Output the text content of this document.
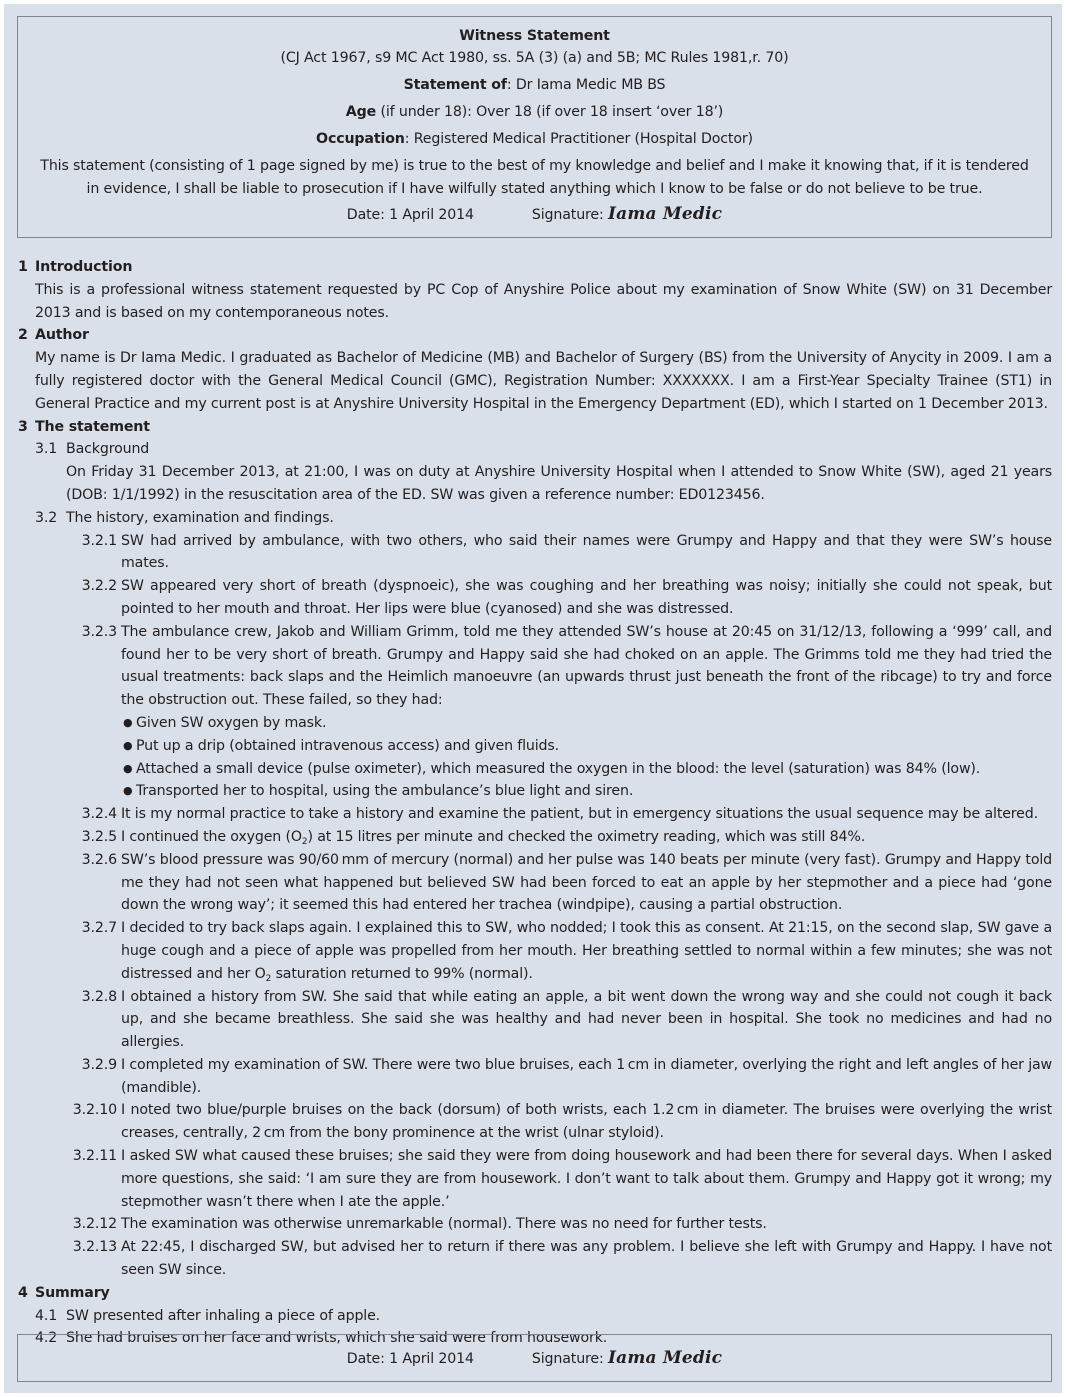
Witness Statement
(CJ Act 1967, s9 MC Act 1980, ss. 5A (3) (a) and 5B; MC Rules 1981,r. 70)
Statement of: Dr Iama Medic MB BS
Age (if under 18): Over 18 (if over 18 insert ‘over 18’)
Occupation: Registered Medical Practitioner (Hospital Doctor)
This statement (consisting of 1 page signed by me) is true to the best of my knowledge and belief and I make it knowing that, if it is tendered in evidence, I shall be liable to prosecution if I have wilfully stated anything which I know to be false or do not believe to be true.
Date: 1 April 2014	Signature: Iama Medic
1 Introduction
This is a professional witness statement requested by PC Cop of Anyshire Police about my examination of Snow White (SW) on 31 December 2013 and is based on my contemporaneous notes.
2 Author
My name is Dr Iama Medic. I graduated as Bachelor of Medicine (MB) and Bachelor of Surgery (BS) from the University of Anycity in 2009. I am a fully registered doctor with the General Medical Council (GMC), Registration Number: XXXXXXX. I am a First-Year Specialty Trainee (ST1) in General Practice and my current post is at Anyshire University Hospital in the Emergency Department (ED), which I started on 1 December 2013.
3 The statement
3.1 Background
On Friday 31 December 2013, at 21:00, I was on duty at Anyshire University Hospital when I attended to Snow White (SW), aged 21 years (DOB: 1/1/1992) in the resuscitation area of the ED. SW was given a reference number: ED0123456.
3.2 The history, examination and findings.
3.2.1 SW had arrived by ambulance, with two others, who said their names were Grumpy and Happy and that they were SW’s house mates.
3.2.2 SW appeared very short of breath (dyspnoeic), she was coughing and her breathing was noisy; initially she could not speak, but pointed to her mouth and throat. Her lips were blue (cyanosed) and she was distressed.
3.2.3 The ambulance crew, Jakob and William Grimm, told me they attended SW’s house at 20:45 on 31/12/13, following a ‘999’ call, and found her to be very short of breath. Grumpy and Happy said she had choked on an apple. The Grimms told me they had tried the usual treatments: back slaps and the Heimlich manoeuvre (an upwards thrust just beneath the front of the ribcage) to try and force the obstruction out. These failed, so they had:
● Given SW oxygen by mask.
● Put up a drip (obtained intravenous access) and given fluids.
● Attached a small device (pulse oximeter), which measured the oxygen in the blood: the level (saturation) was 84% (low).
● Transported her to hospital, using the ambulance’s blue light and siren.
3.2.4 It is my normal practice to take a history and examine the patient, but in emergency situations the usual sequence may be altered.
3.2.5 I continued the oxygen $(O_2)$ at 15 litres per minute and checked the oximetry reading, which was still 84%.
3.2.6 SW’s blood pressure was 90/60 mm of mercury (normal) and her pulse was 140 beats per minute (very fast). Grumpy and Happy told me they had not seen what happened but believed SW had been forced to eat an apple by her stepmother and a piece had ‘gone down the wrong way’; it seemed this had entered her trachea (windpipe), causing a partial obstruction.
3.2.7 I decided to try back slaps again. I explained this to SW, who nodded; I took this as consent. At 21:15, on the second slap, SW gave a huge cough and a piece of apple was propelled from her mouth. Her breathing settled to normal within a few minutes; she was not distressed and her $O_2$ saturation returned to 99% (normal).
3.2.8 I obtained a history from SW. She said that while eating an apple, a bit went down the wrong way and she could not cough it back up, and she became breathless. She said she was healthy and had never been in hospital. She took no medicines and had no allergies.
3.2.9 I completed my examination of SW. There were two blue bruises, each 1 cm in diameter, overlying the right and left angles of her jaw (mandible).
3.2.10 I noted two blue/purple bruises on the back (dorsum) of both wrists, each 1.2 cm in diameter. The bruises were overlying the wrist creases, centrally, 2 cm from the bony prominence at the wrist (ulnar styloid).
3.2.11 I asked SW what caused these bruises; she said they were from doing housework and had been there for several days. When I asked more questions, she said: ‘I am sure they are from housework. I don’t want to talk about them. Grumpy and Happy got it wrong; my stepmother wasn’t there when I ate the apple.’
3.2.12 The examination was otherwise unremarkable (normal). There was no need for further tests.
3.2.13 At 22:45, I discharged SW, but advised her to return if there was any problem. I believe she left with Grumpy and Happy. I have not seen SW since.
4 Summary
4.1 SW presented after inhaling a piece of apple.
4.2 She had bruises on her face and wrists, which she said were from housework.
Date: 1 April 2014	Signature: Iama Medic
